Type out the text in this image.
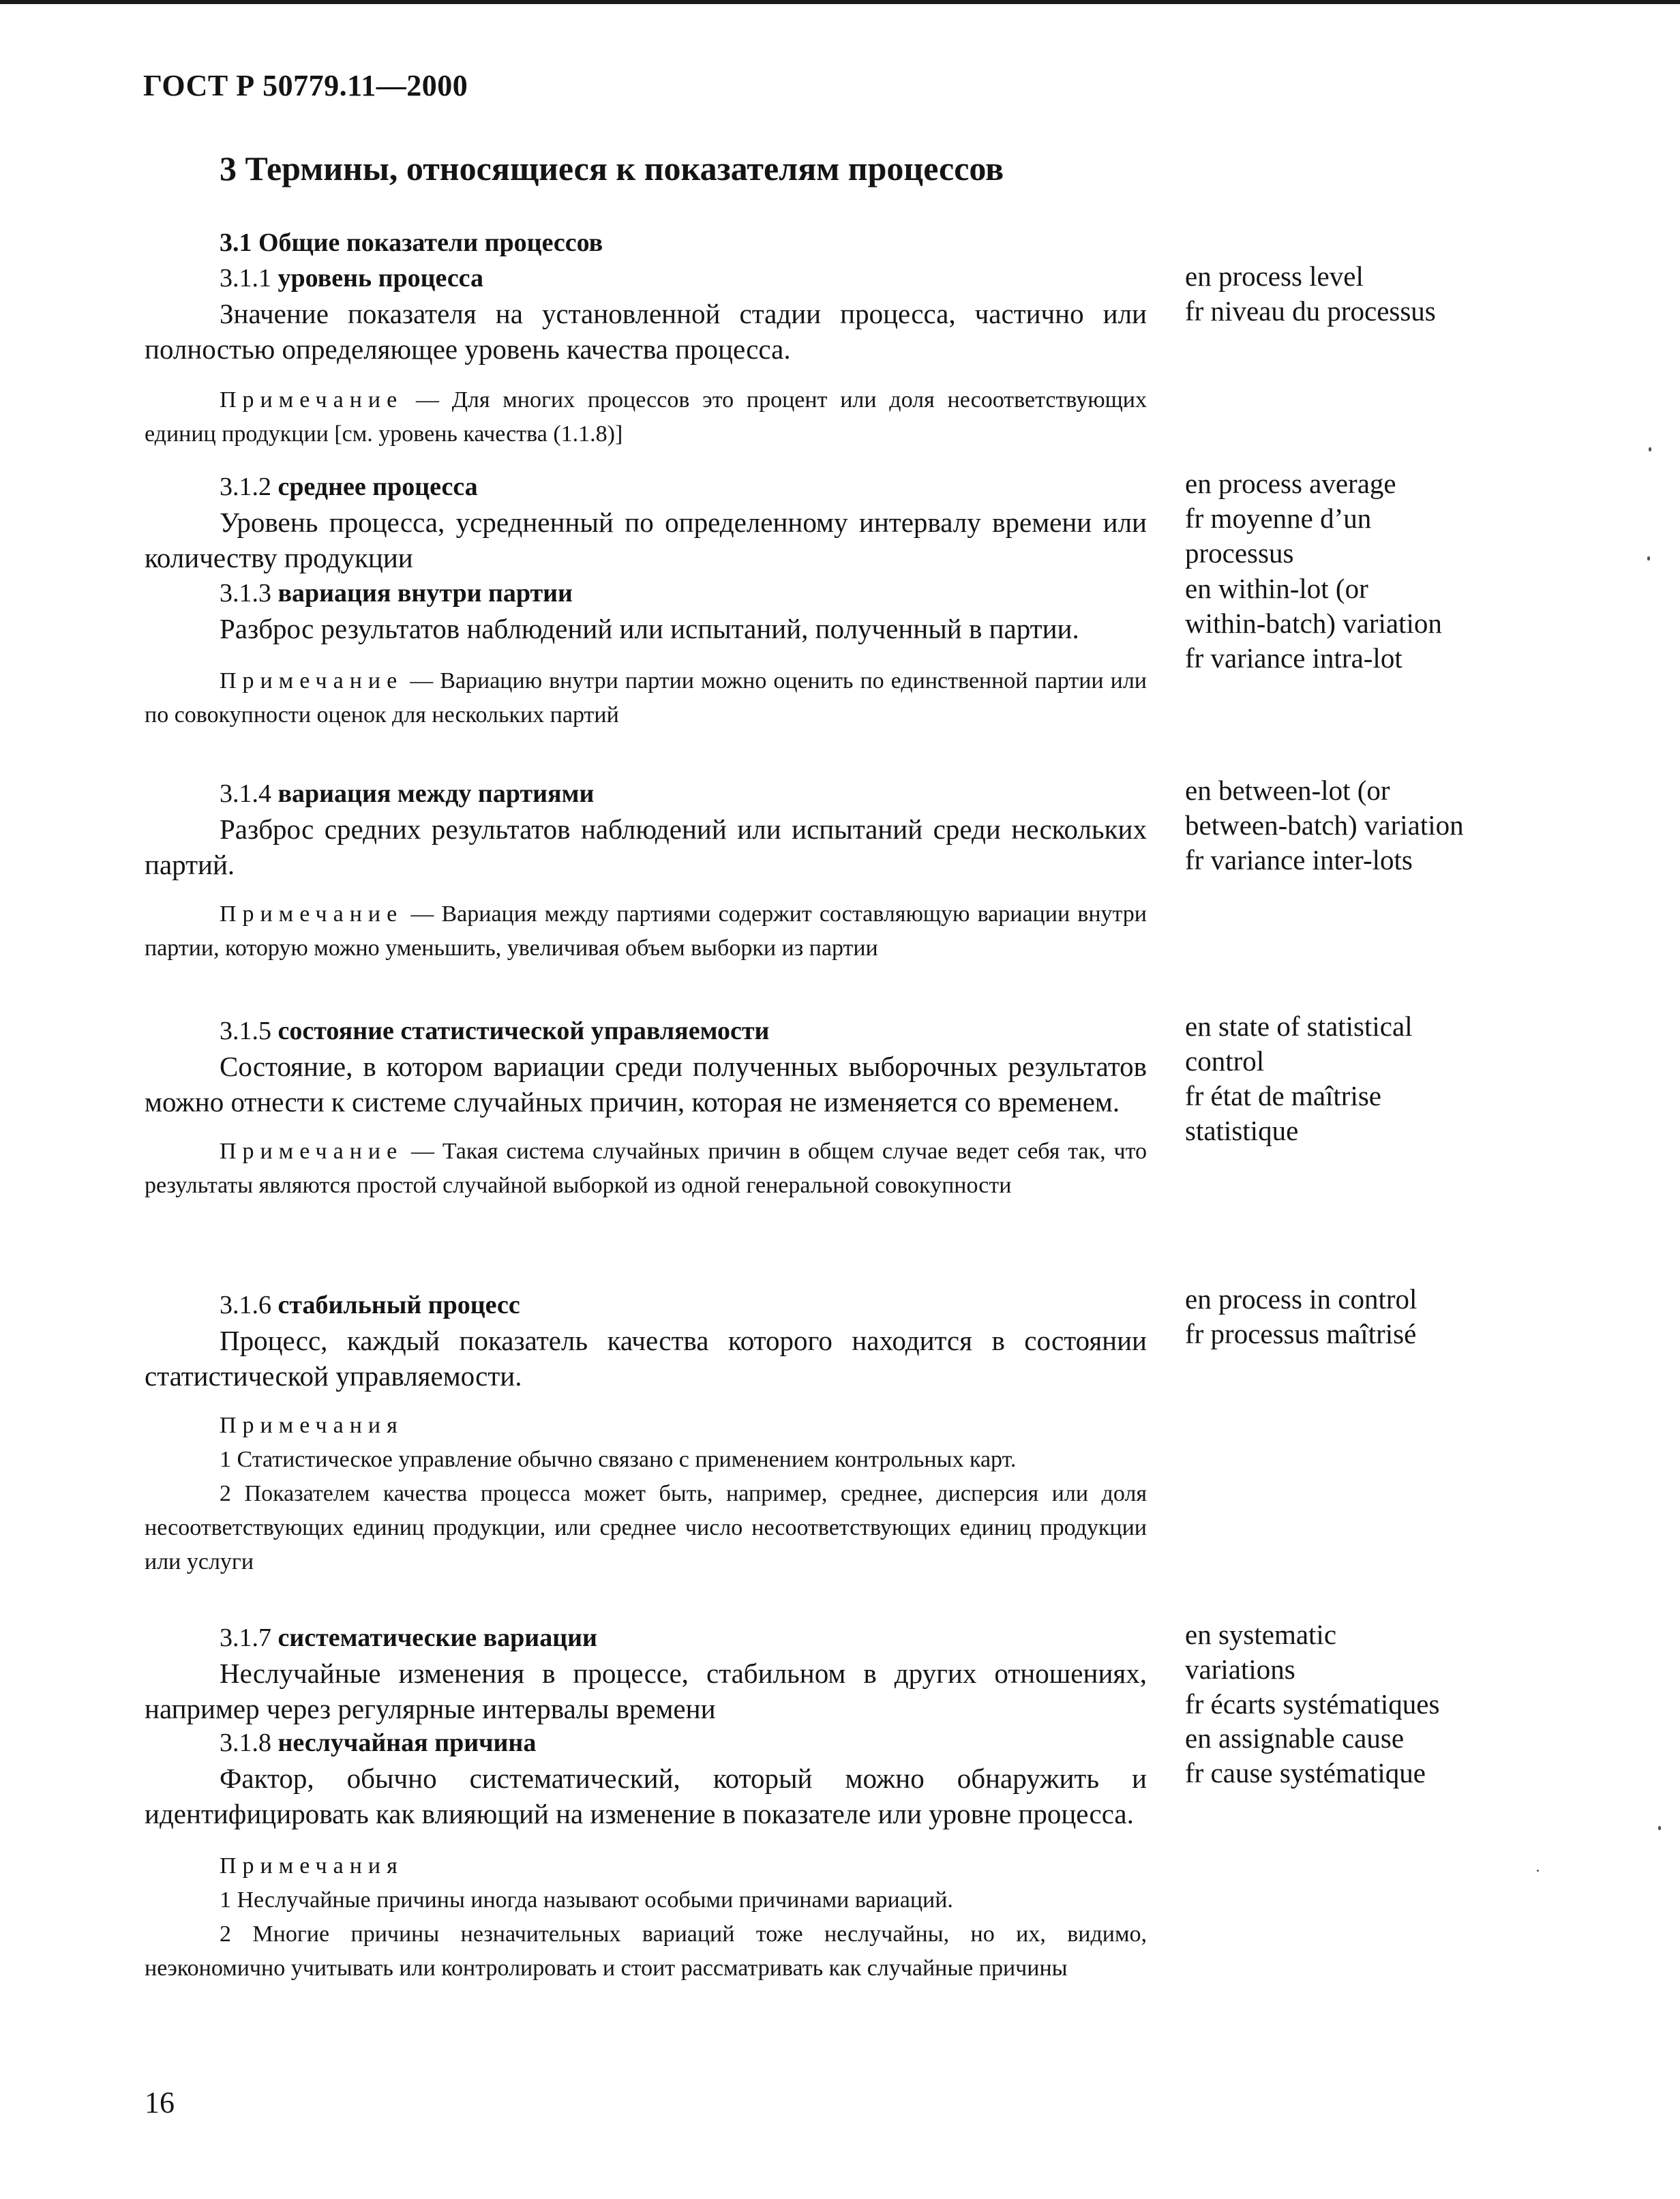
ГОСТ Р 50779.11—2000
3 Термины, относящиеся к показателям процессов
3.1 Общие показатели процессов
3.1.1 уровень процесса

Значение показателя на установленной стадии процесса, частично или полностью определяющее уровень качества процесса.

Примечание — Для многих процессов это процент или доля несоответствующих единиц продукции [см. уровень качества (1.1.8)]

en process level

fr niveau du processus

3.1.2 среднее процесса

Уровень процесса, усредненный по определенному интервалу времени или количеству продукции

en process average

fr moyenne d’un

processus

3.1.3 вариация внутри партии

Разброс результатов наблюдений или испытаний, полученный в партии.

Примечание — Вариацию внутри партии можно оценить по единственной партии или по совокупности оценок для нескольких партий

en within-lot (or

within-batch) variation

fr variance intra-lot

3.1.4 вариация между партиями

Разброс средних результатов наблюдений или испытаний среди нескольких партий.

Примечание — Вариация между партиями содержит составляющую вариации внутри партии, которую можно уменьшить, увеличивая объем выборки из партии

en between-lot (or

between-batch) variation

fr variance inter-lots

3.1.5 состояние статистической управляемости

Состояние, в котором вариации среди полученных выборочных результатов можно отнести к системе случайных причин, которая не изменяется со временем.

Примечание — Такая система случайных причин в общем случае ведет себя так, что результаты являются простой случайной выборкой из одной генеральной совокупности

en state of statistical

control

fr état de maîtrise

statistique

3.1.6 стабильный процесс

Процесс, каждый показатель качества которого находится в состоянии статистической управляемости.

Примечания

1 Статистическое управление обычно связано с применением контрольных карт.

2 Показателем качества процесса может быть, например, среднее, дисперсия или доля несоответствующих единиц продукции, или среднее число несоответствующих единиц продукции или услуги

en process in control

fr processus maîtrisé

3.1.7 систематические вариации

Неслучайные изменения в процессе, стабильном в других отношениях, например через регулярные интервалы времени

en systematic

variations

fr écarts systématiques

3.1.8 неслучайная причина

Фактор, обычно систематический, который можно обнаружить и идентифицировать как влияющий на изменение в показателе или уровне процесса.

Примечания

1 Неслучайные причины иногда называют особыми причинами вариаций.

2 Многие причины незначительных вариаций тоже неслучайны, но их, видимо, неэкономично учитывать или контролировать и стоит рассматривать как случайные причины

en assignable cause

fr cause systématique

16
